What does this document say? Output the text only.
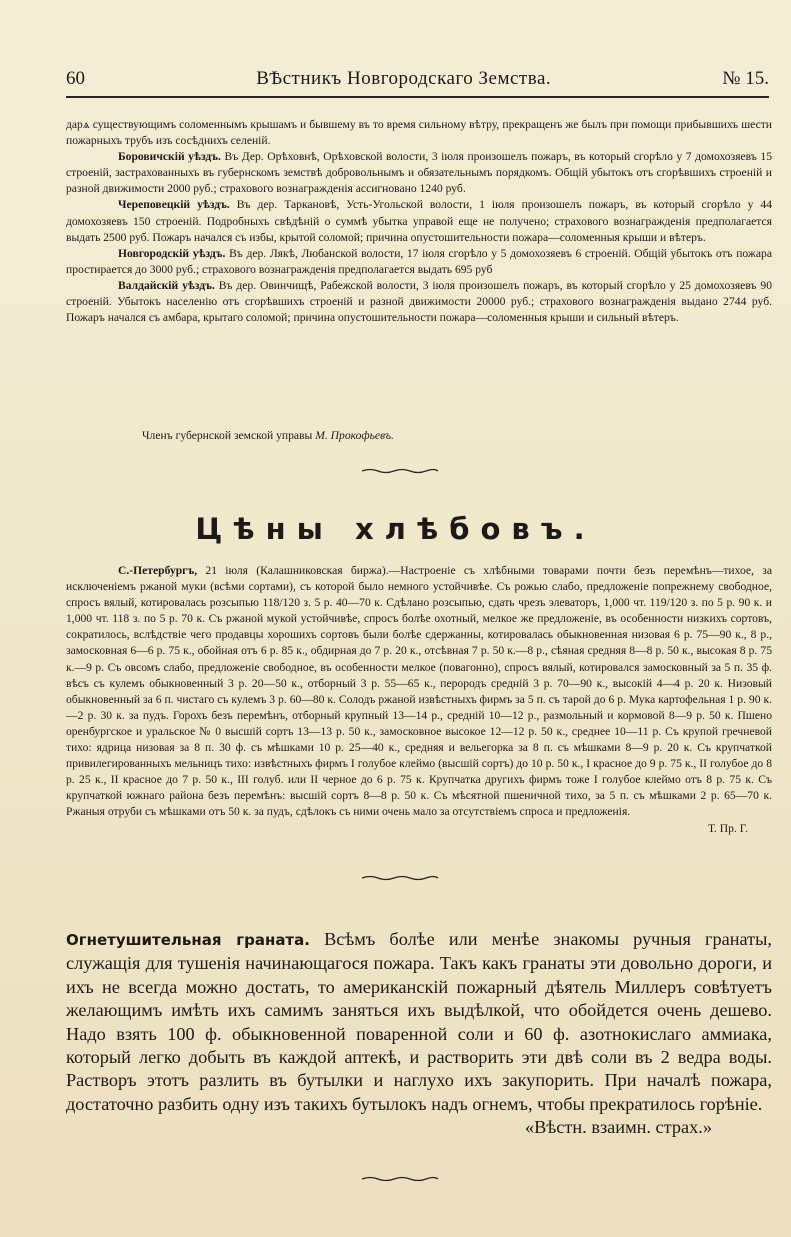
60	ВѢстникъ Новгородскаго Земства.	№ 15.

дарѧ существующимъ соломеннымъ крышамъ и бывшему въ то время сильному вѣтру, прекращенъ же былъ при помощи прибывшихъ шести пожарныхъ трубъ изъ сосѣднихъ селеній.

Боровичскій уѣздъ. Въ Дер. Орѣховнѣ, Орѣховской волости, 3 іюля произошелъ пожаръ, въ который сгорѣло у 7 домохозяевъ 15 строеній, застрахованныхъ въ губернскомъ земствѣ добровольнымъ и обязательнымъ порядкомъ. Общій убытокъ отъ сгорѣвшихъ строеній и разной движимости 2000 руб.; страхового вознагражденія ассигновано 1240 руб.

Череповецкій уѣздъ. Въ дер. Таркановѣ, Усть-Угольской волости, 1 іюля произошелъ пожаръ, въ который сгорѣло у 44 домохозяевъ 150 строеній. Подробныхъ свѣдѣній о суммѣ убытка управой еще не получено; страхового вознагражденія предполагается выдать 2500 руб. Пожаръ начался съ избы, крытой соломой; причина опустошительности пожара—соломенныя крыши и вѣтеръ.

Новгородскій уѣздъ. Въ дер. Лякѣ, Любанской волости, 17 іюля сгорѣло у 5 домохозяевъ 6 строеній. Общій убытокъ отъ пожара простирается до 3000 руб.; страхового вознагражденія предполагается выдать 695 руб

Валдайскій уѣздъ. Въ дер. Овинчищѣ, Рабежской волости, 3 іюля произошелъ пожаръ, въ который сгорѣло у 25 домохозяевъ 90 строеній. Убытокъ населенію отъ сгорѣвшихъ строеній и разной движимости 20000 руб.; страхового вознагражденія выдано 2744 руб. Пожаръ начался съ амбара, крытаго соломой; причина опустошительности пожара—соломенныя крыши и сильный вѣтеръ.

Членъ губернской земской управы М. Прокофьевъ.

Цѣны хлѣбовъ.

С.-Петербургъ, 21 іюля (Калашниковская биржа).—Настроеніе съ хлѣбными товарами почти безъ перемѣнъ—тихое, за исключеніемъ ржаной муки (всѣми сортами), съ которой было немного устойчивѣе. Съ рожью слабо, предложеніе попрежнему свободное, спросъ вялый, котировалась розсыпью 118/120 з. 5 р. 40—70 к. Сдѣлано розсыпью, сдать чрезъ элеваторъ, 1,000 чт. 119/120 з. по 5 р. 90 к. и 1,000 чт. 118 з. по 5 р. 70 к. Съ ржаной мукой устойчивѣе, спросъ болѣе охотный, мелкое же предложеніе, въ особенности низкихъ сортовъ, сократилось, вслѣдствіе чего продавцы хорошихъ сортовъ были болѣе сдержанны, котировалась обыкновенная низовая 6 р. 75—90 к., 8 р., замосковная 6—6 р. 75 к., обойная отъ 6 р. 85 к., обдирная до 7 р. 20 к., отсѣвная 7 р. 50 к.—8 р., сѣяная средняя 8—8 р. 50 к., высокая 8 р. 75 к.—9 р. Съ овсомъ слабо, предложеніе свободное, въ особенности мелкое (повагонно), спросъ вялый, котировался замосковный за 5 п. 35 ф. вѣсъ съ кулемъ обыкновенный 3 р. 20—50 к., отборный 3 р. 55—65 к., перородъ средній 3 р. 70—90 к., высокій 4—4 р. 20 к. Низовый обыкновенный за 6 п. чистаго съ кулемъ 3 р. 60—80 к. Солодъ ржаной извѣстныхъ фирмъ за 5 п. съ тарой до 6 р. Мука картофельная 1 р. 90 к.—2 р. 30 к. за пудъ. Горохъ безъ перемѣнъ, отборный крупный 13—14 р., средній 10—12 р., размольный и кормовой 8—9 р. 50 к. Пшено оренбургское и уральское № 0 высшій сортъ 13—13 р. 50 к., замосковное высокое 12—12 р. 50 к., среднее 10—11 р. Съ крупой гречневой тихо: ядрица низовая за 8 п. 30 ф. съ мѣшками 10 р. 25—40 к., средняя и вельегорка за 8 п. съ мѣшками 8—9 р. 20 к. Съ крупчаткой привилегированныхъ мельницъ тихо: извѣстныхъ фирмъ I голубое клеймо (высшій сортъ) до 10 р. 50 к., I красное до 9 р. 75 к., II голубое до 8 р. 25 к., II красное до 7 р. 50 к., III голуб. или II черное до 6 р. 75 к. Крупчатка другихъ фирмъ тоже I голубое клеймо отъ 8 р. 75 к. Съ крупчаткой южнаго района безъ перемѣнъ: высшій сортъ 8—8 р. 50 к. Съ мѣсятной пшеничной тихо, за 5 п. съ мѣшками 2 р. 65—70 к. Ржаныя отруби съ мѣшками отъ 50 к. за пудъ, сдѣлокъ съ ними очень мало за отсутствіемъ спроса и предложенія.

Т. Пр. Г.

Огнетушительная граната. Всѣмъ болѣе или менѣе знакомы ручныя гранаты, служащія для тушенія начинающагося пожара. Такъ какъ гранаты эти довольно дороги, и ихъ не всегда можно достать, то американскій пожарный дѣятель Миллеръ совѣтуетъ желающимъ имѣть ихъ самимъ заняться ихъ выдѣлкой, что обойдется очень дешево. Надо взять 100 ф. обыкновенной поваренной соли и 60 ф. азотнокислаго аммиака, который легко добыть въ каждой аптекѣ, и растворить эти двѣ соли въ 2 ведра воды. Растворъ этотъ разлить въ бутылки и наглухо ихъ закупорить. При началѣ пожара, достаточно разбить одну изъ такихъ бутылокъ надъ огнемъ, чтобы прекратилось горѣніе.

«Вѣстн. взаимн. страх.»
